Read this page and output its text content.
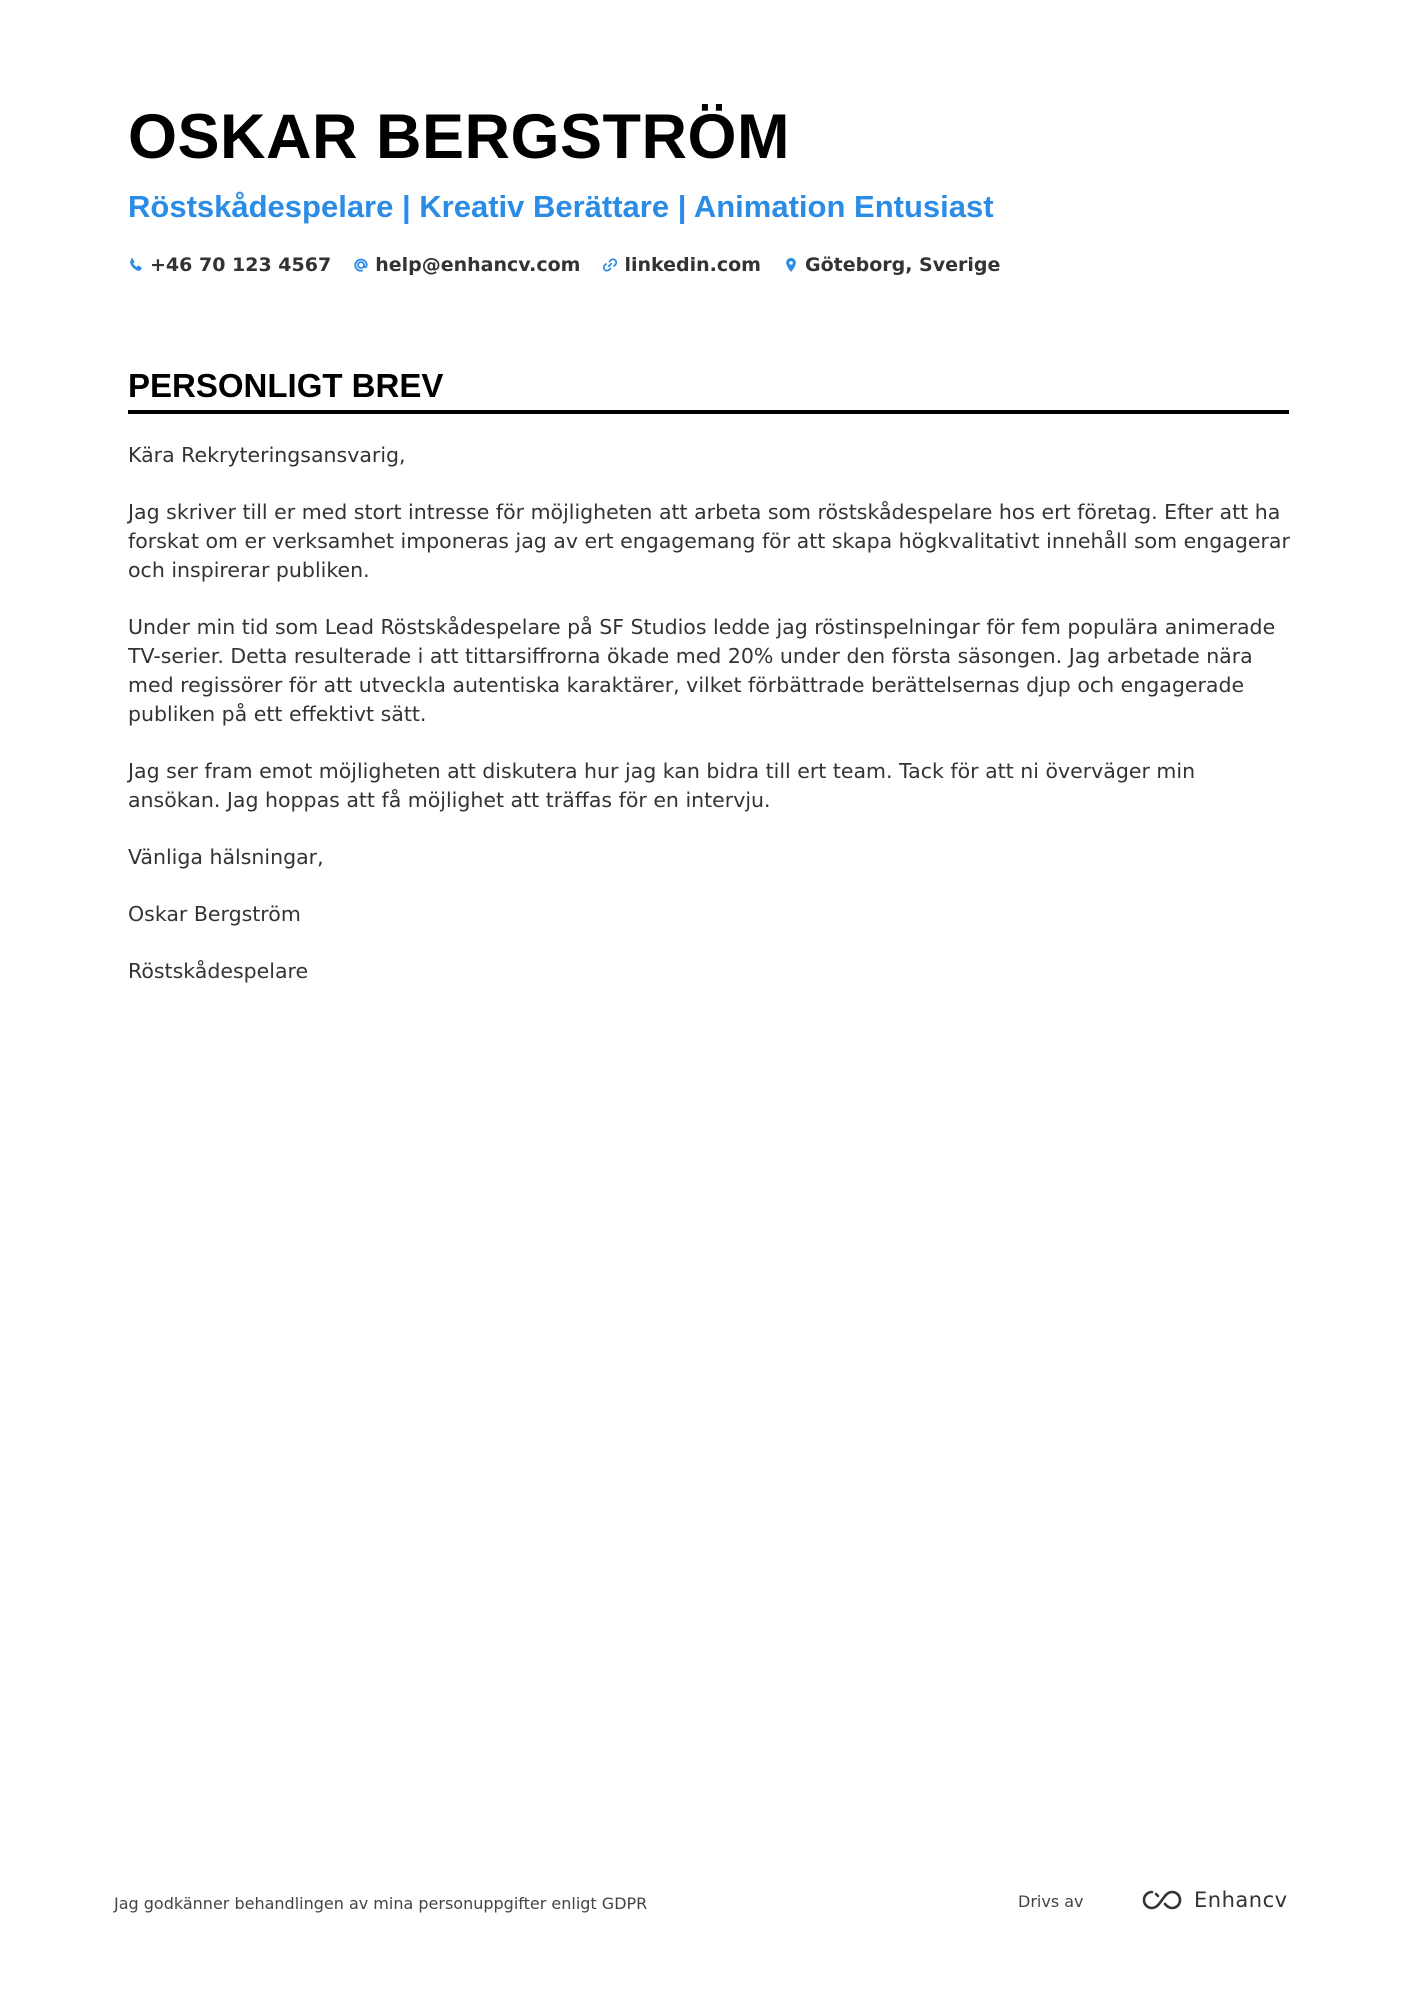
OSKAR BERGSTRÖM
Röstskådespelare | Kreativ Berättare | Animation Entusiast
+46 70 123 4567 help@enhancv.com linkedin.com Göteborg, Sverige
PERSONLIGT BREV

Kära Rekryteringsansvarig,

Jag skriver till er med stort intresse för möjligheten att arbeta som röstskådespelare hos ert företag. Efter att ha forskat om er verksamhet imponeras jag av ert engagemang för att skapa högkvalitativt innehåll som engagerar och inspirerar publiken.

Under min tid som Lead Röstskådespelare på SF Studios ledde jag röstinspelningar för fem populära animerade TV-serier. Detta resulterade i att tittarsiffrorna ökade med 20% under den första säsongen. Jag arbetade nära med regissörer för att utveckla autentiska karaktärer, vilket förbättrade berättelsernas djup och engagerade publiken på ett effektivt sätt.

Jag ser fram emot möjligheten att diskutera hur jag kan bidra till ert team. Tack för att ni överväger min ansökan. Jag hoppas att få möjlighet att träffas för en intervju.

Vänliga hälsningar,

Oskar Bergström

Röstskådespelare

Jag godkänner behandlingen av mina personuppgifter enligt GDPR	Drivs av	Enhancv
